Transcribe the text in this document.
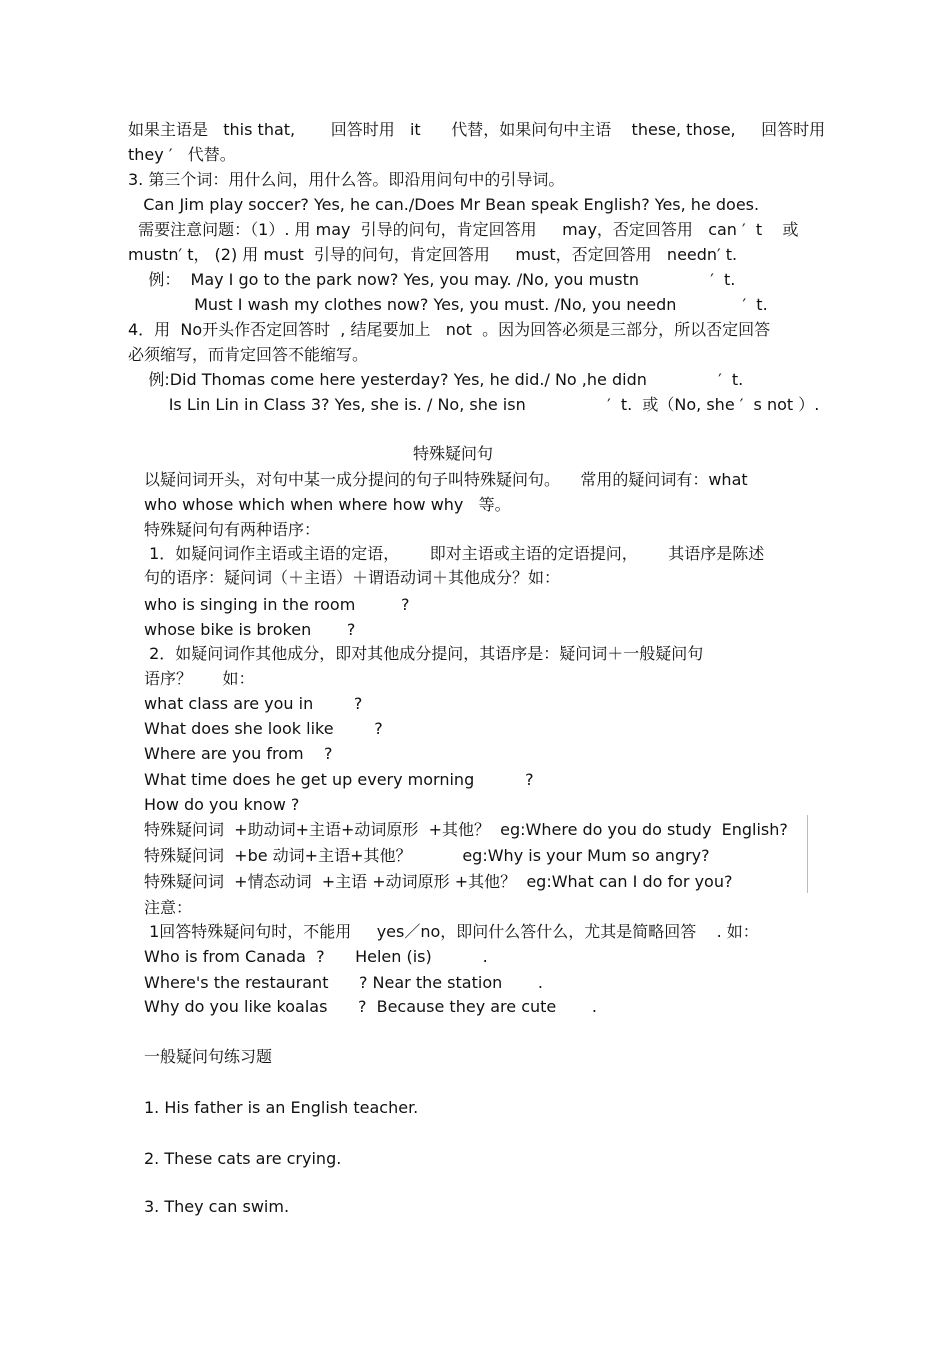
如果主语是   this that,       回答时用   it      代替，如果问句中主语    these, those,     回答时用
they ′   代替。
3. 第三个词：用什么问，用什么答。即沿用问句中的引导词。
Can Jim play soccer? Yes, he can./Does Mr Bean speak English? Yes, he does.
需要注意问题：（1）. 用 may  引导的问句，肯定回答用     may，否定回答用   can ′  t    或
mustn′ t， (2) 用 must  引导的问句，肯定回答用     must，否定回答用   needn′ t.
例：  May I go to the park now? Yes, you may. /No, you mustn              ′  t.
Must I wash my clothes now? Yes, you must. /No, you needn             ′  t.
4．用  No开头作否定回答时  , 结尾要加上   not  。因为回答必须是三部分，所以否定回答
必须缩写，而肯定回答不能缩写。
例:Did Thomas come here yesterday? Yes, he did./ No ,he didn              ′  t.
Is Lin Lin in Class 3? Yes, she is. / No, she isn                ′  t.  或（No, she ′  s not ）.
特殊疑问句
以疑问词开头，对句中某一成分提问的句子叫特殊疑问句。    常用的疑问词有：what
who whose which when where how why   等。
特殊疑问句有两种语序：
1．如疑问词作主语或主语的定语，      即对主语或主语的定语提问，      其语序是陈述
句的语序：疑问词（＋主语）＋谓语动词＋其他成分？如：
who is singing in the room         ?
whose bike is broken       ?
2．如疑问词作其他成分，即对其他成分提问，其语序是：疑问词＋一般疑问句
语序？      如：
what class are you in        ?
What does she look like        ?
Where are you from    ?
What time does he get up every morning          ?
How do you know ?
特殊疑问词  +助动词+主语+动词原形  +其他？  eg:Where do you do study  English?
特殊疑问词  +be 动词+主语+其他？          eg:Why is your Mum so angry?
特殊疑问词  +情态动词  +主语 +动词原形 +其他？  eg:What can I do for you?
注意：
1回答特殊疑问句时，不能用     yes／no，即问什么答什么，尤其是简略回答    . 如：
Who is from Canada  ?      Helen (is)          .
Where's the restaurant      ? Near the station       .
Why do you like koalas      ?  Because they are cute       .
一般疑问句练习题
1. His father is an English teacher.
2. These cats are crying.
3. They can swim.
